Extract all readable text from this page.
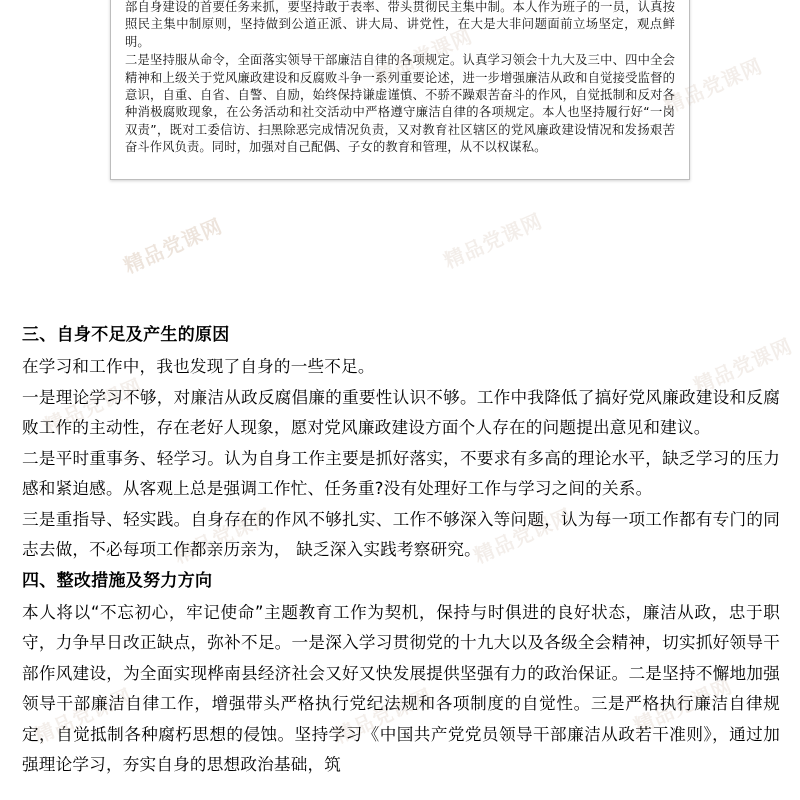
部自身建设的首要任务来抓，要坚持敢于表率、带头贯彻民主集中制。本人作为班子的一员，认真按照民主集中制原则，坚持做到公道正派、讲大局、讲党性，在大是大非问题面前立场坚定，观点鲜明。

二是坚持服从命令，全面落实领导干部廉洁自律的各项规定。认真学习领会十九大及三中、四中全会精神和上级关于党风廉政建设和反腐败斗争一系列重要论述，进一步增强廉洁从政和自觉接受监督的意识，自重、自省、自警、自励，始终保持谦虚谨慎、不骄不躁艰苦奋斗的作风，自觉抵制和反对各种消极腐败现象，在公务活动和社交活动中严格遵守廉洁自律的各项规定。本人也坚持履行好“一岗双责”，既对工委信访、扫黑除恶完成情况负责，又对教育社区辖区的党风廉政建设情况和发扬艰苦奋斗作风负责。同时，加强对自己配偶、子女的教育和管理，从不以权谋私。

精品党课网	精品党课网
精品党课网	精品党课网
精品党课网
精品党课网
精品党课网	精品党课网
精品党课网	精品党课网	精品党课网
三、自身不足及产生的原因

在学习和工作中，我也发现了自身的一些不足。

一是理论学习不够，对廉洁从政反腐倡廉的重要性认识不够。工作中我降低了搞好党风廉政建设和反腐败工作的主动性，存在老好人现象，愿对党风廉政建设方面个人存在的问题提出意见和建议。

二是平时重事务、轻学习。认为自身工作主要是抓好落实，不要求有多高的理论水平，缺乏学习的压力感和紧迫感。从客观上总是强调工作忙、任务重?没有处理好工作与学习之间的关系。

三是重指导、轻实践。自身存在的作风不够扎实、工作不够深入等问题，认为每一项工作都有专门的同志去做，不必每项工作都亲历亲为， 缺乏深入实践考察研究。

四、整改措施及努力方向

本人将以“不忘初心，牢记使命”主题教育工作为契机，保持与时俱进的良好状态，廉洁从政，忠于职守，力争早日改正缺点，弥补不足。一是深入学习贯彻党的十九大以及各级全会精神，切实抓好领导干部作风建设，为全面实现桦南县经济社会又好又快发展提供坚强有力的政治保证。二是坚持不懈地加强领导干部廉洁自律工作，增强带头严格执行党纪法规和各项制度的自觉性。三是严格执行廉洁自律规定，自觉抵制各种腐朽思想的侵蚀。坚持学习《中国共产党党员领导干部廉洁从政若干准则》，通过加强理论学习，夯实自身的思想政治基础，筑
